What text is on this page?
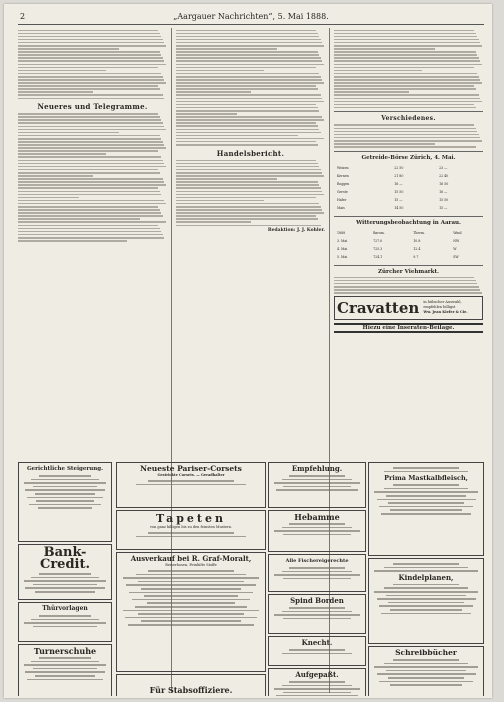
2	„Aargauer Nachrichten“, 5. Mai 1888.
Neueres und Telegramme.
Handelsbericht.
Redaktion: J. J. Kohler.
Verschiedenes.
Getreide-Börse Zürich, 4. Mai.
Weizen	22 50	23 —
Kernen	21 80	22 40
Roggen	16 —	16 50
Gerste	15 50	16 —
Hafer	15 —	15 50
Mais	14 50	15 —
Witterungsbeobachtung in Aarau.
1888	Barom.	Therm.	Wind
3. Mai	727.0	10.8	NW
4. Mai	725.3	12.4	W
5. Mai	724.1	9.7	SW
Zürcher Viehmarkt.
Cravatten in hübscher Auswahl, empfehlen billigst
Ww. Jean Kiefer & Cie.
Hiezu eine Inseraten-Beilage.
Gerichtliche Steigerung.
Bank-Credit.
Thürvorlagen
Turnerschuhe
Neueste Pariser-Corsets
Gestrickte Corsets. — Geradhalter
Tapeten
von ganz billigen bis zu den feinsten Mustern.
Ausverkauf bei R. Graf-Moralt,
Reiserhosen, Feinlüfte Stoffe
Für Stabsoffiziere.
Empfehlung.
Hebamme
Alle Fischereigerechte
Spind Borden
Knecht.
Aufgepaßt.
Prima Mastkalbfleisch,
Kindelplanen,
Schreibbücher
